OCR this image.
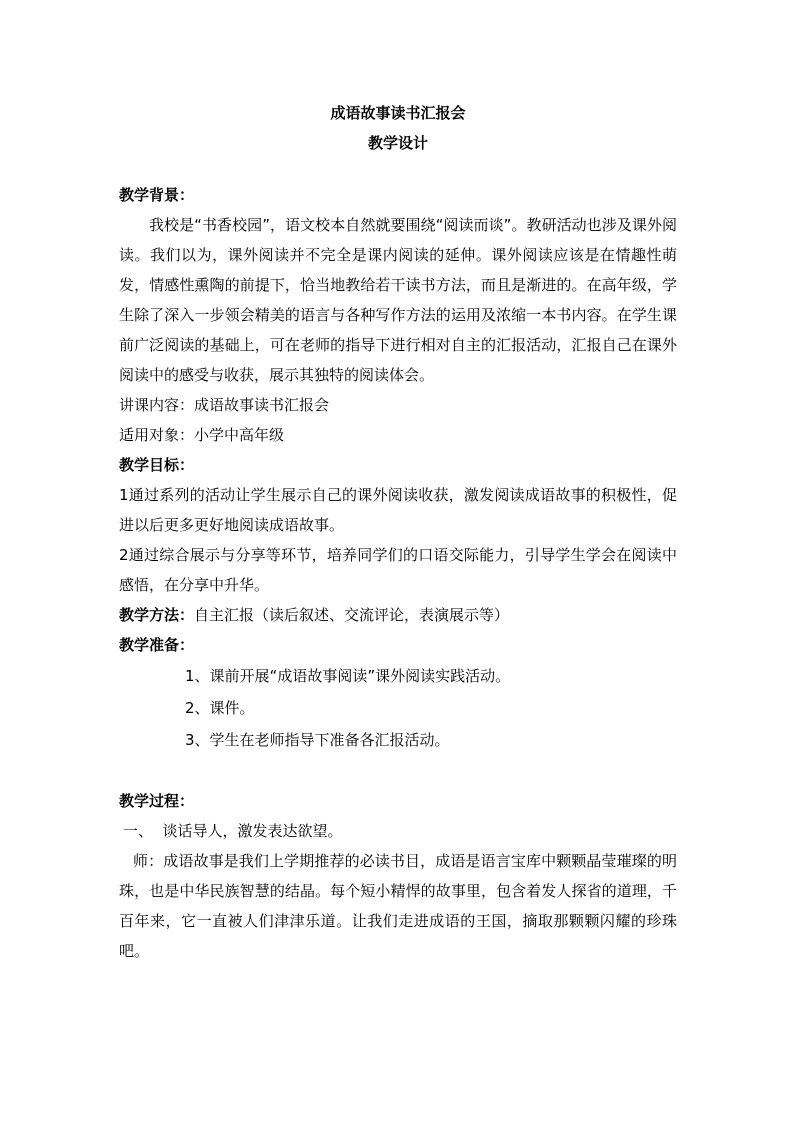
成语故事读书汇报会
教学设计
教学背景：
我校是“书香校园”，语文校本自然就要围绕“阅读而谈”。教研活动也涉及课外阅读。我们以为，课外阅读并不完全是课内阅读的延伸。课外阅读应该是在情趣性萌发，情感性熏陶的前提下，恰当地教给若干读书方法，而且是渐进的。在高年级，学生除了深入一步领会精美的语言与各种写作方法的运用及浓缩一本书内容。在学生课前广泛阅读的基础上，可在老师的指导下进行相对自主的汇报活动，汇报自己在课外阅读中的感受与收获，展示其独特的阅读体会。
讲课内容：成语故事读书汇报会
适用对象：小学中高年级
教学目标：
1通过系列的活动让学生展示自己的课外阅读收获，激发阅读成语故事的积极性，促进以后更多更好地阅读成语故事。
2通过综合展示与分享等环节，培养同学们的口语交际能力，引导学生学会在阅读中感悟，在分享中升华。
教学方法：自主汇报（读后叙述、交流评论，表演展示等）
教学准备：
1、课前开展“成语故事阅读”课外阅读实践活动。
2、课件。
3、学生在老师指导下准备各汇报活动。
教学过程：
一、  谈话导人，激发表达欲望。
师：成语故事是我们上学期推荐的必读书目，成语是语言宝库中颗颗晶莹璀璨的明珠，也是中华民族智慧的结晶。每个短小精悍的故事里，包含着发人探省的道理，千百年来，它一直被人们津津乐道。让我们走进成语的王国，摘取那颗颗闪耀的珍珠吧。
